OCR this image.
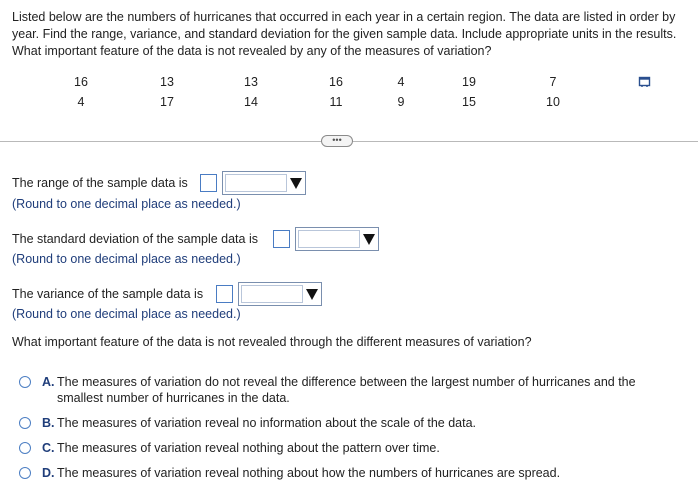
Listed below are the numbers of hurricanes that occurred in each year in a certain region. The data are listed in order by year. Find the range, variance, and standard deviation for the given sample data. Include appropriate units in the results. What important feature of the data is not revealed by any of the measures of variation?
16	13	13	16	4	19	7
4	17	14	11	9	15	10
•••
The range of the sample data is
(Round to one decimal place as needed.)
The standard deviation of the sample data is
(Round to one decimal place as needed.)
The variance of the sample data is
(Round to one decimal place as needed.)
What important feature of the data is not revealed through the different measures of variation?
A. The measures of variation do not reveal the difference between the largest number of hurricanes and the smallest number of hurricanes in the data.
B. The measures of variation reveal no information about the scale of the data.
C. The measures of variation reveal nothing about the pattern over time.
D. The measures of variation reveal nothing about how the numbers of hurricanes are spread.
